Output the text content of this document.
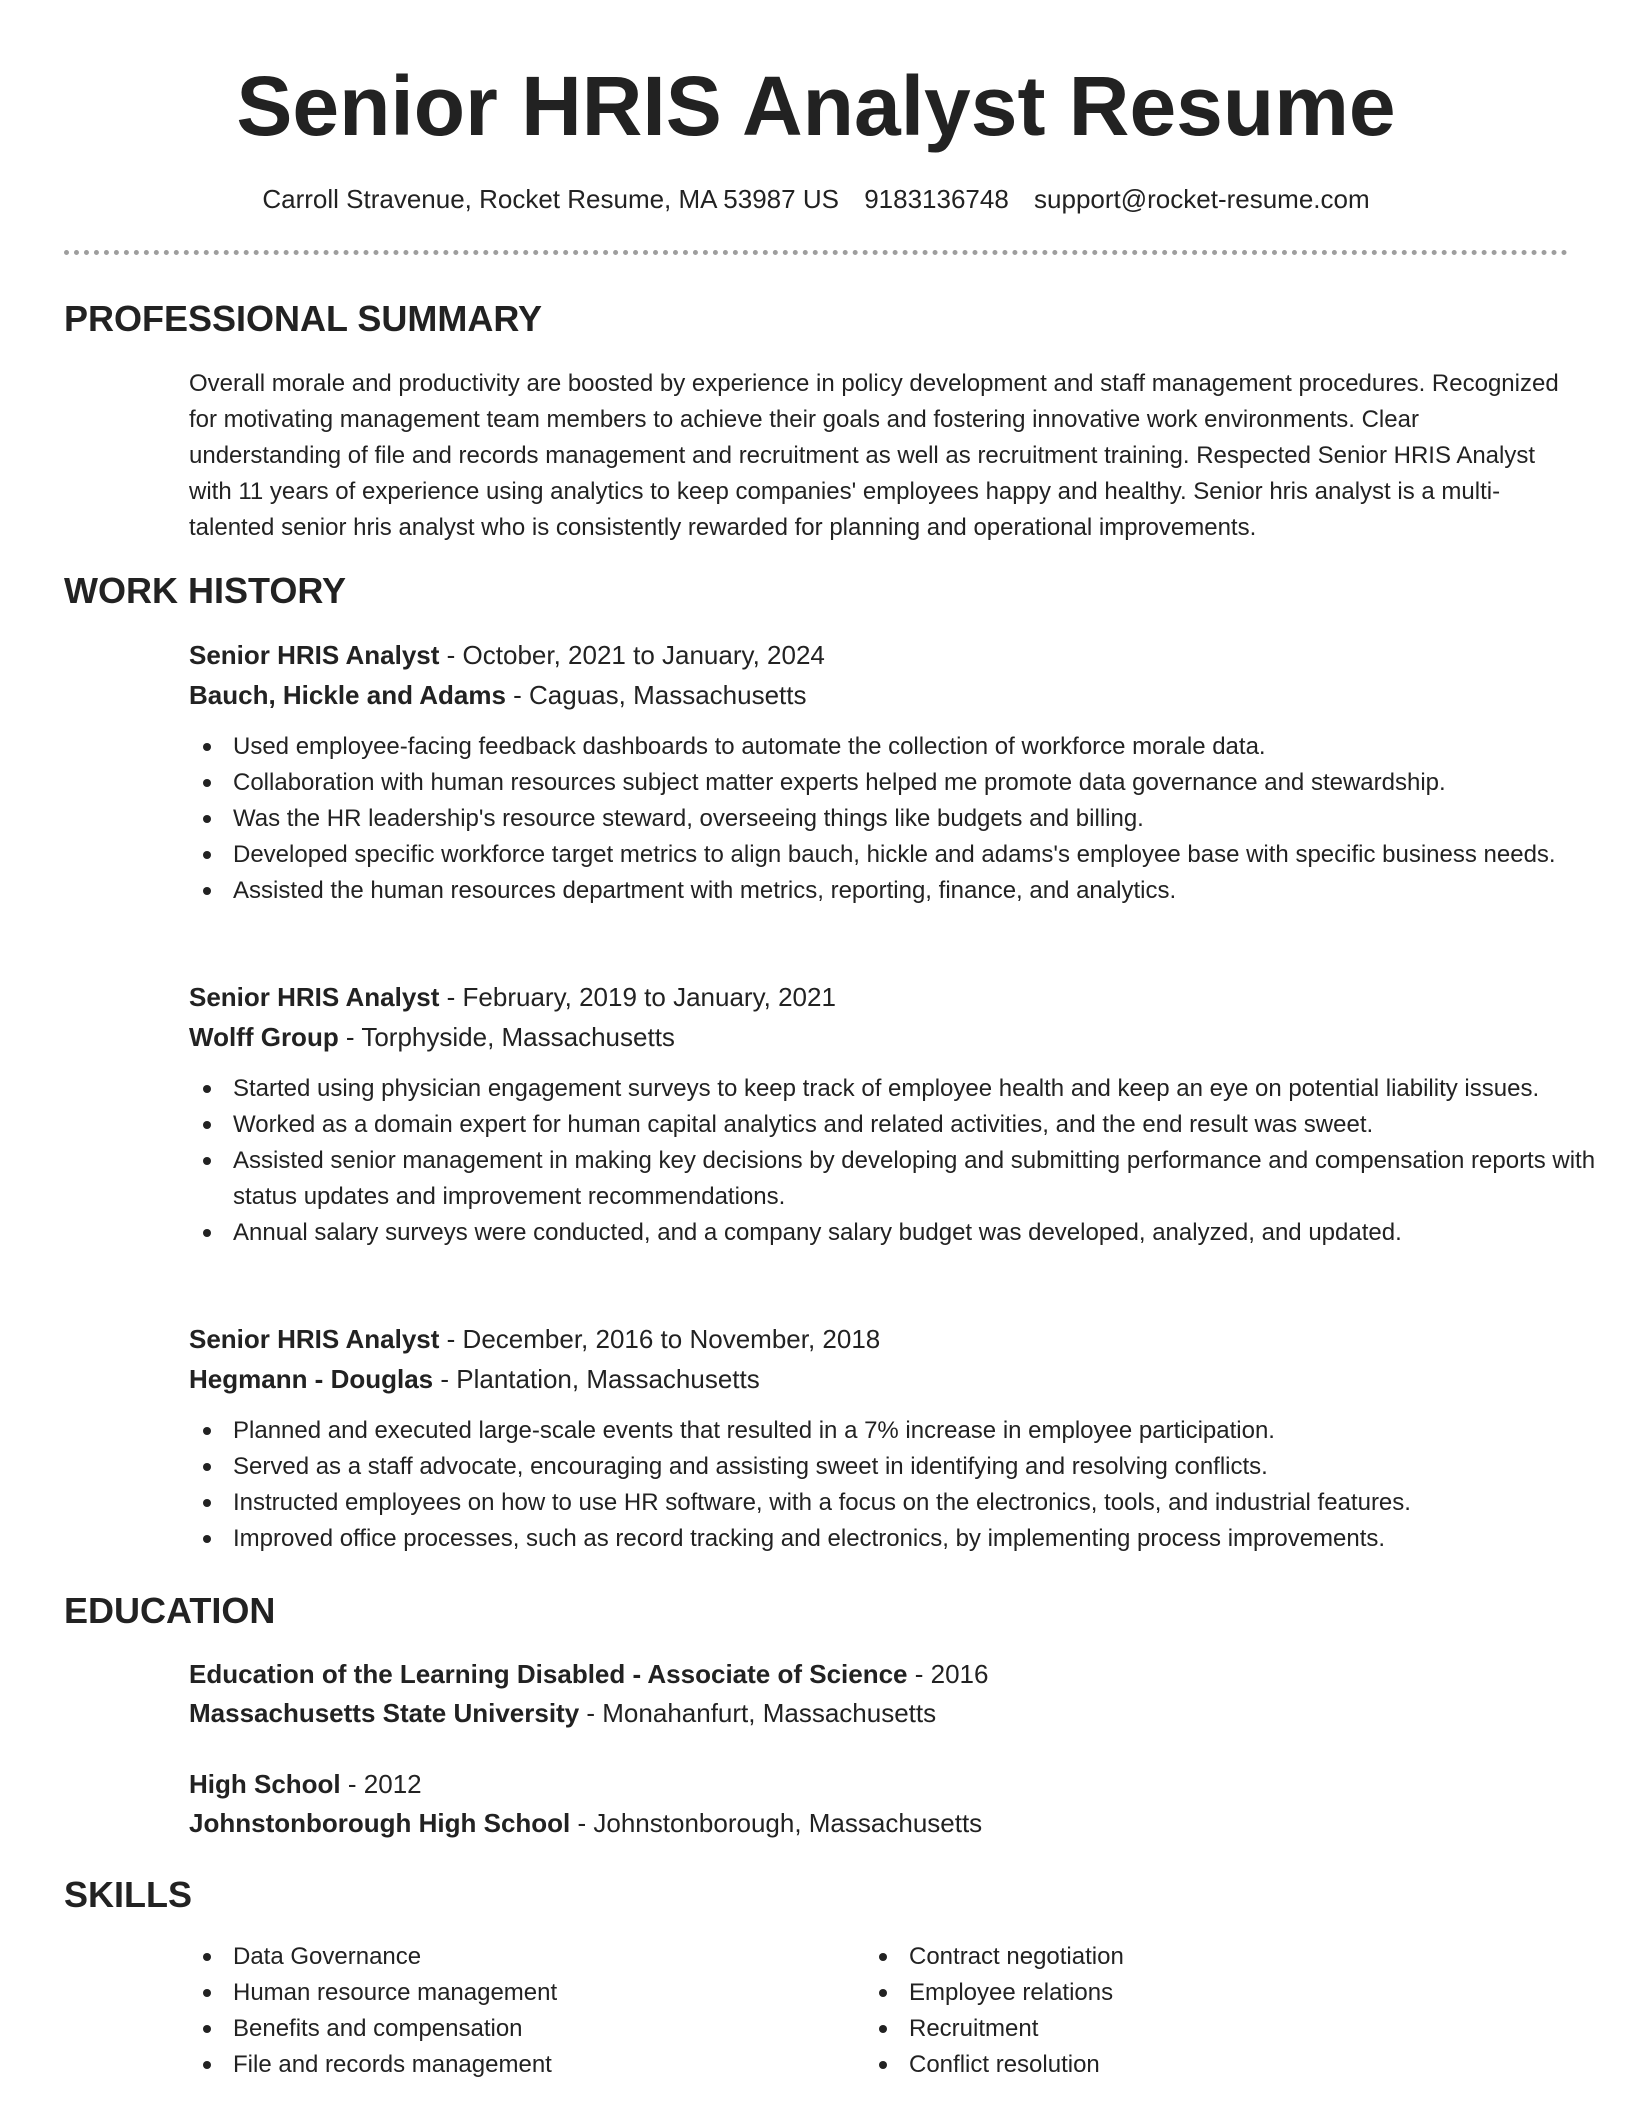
Senior HRIS Analyst Resume
Carroll Stravenue, Rocket Resume, MA 53987 US 9183136748 support@rocket-resume.com
PROFESSIONAL SUMMARY

Overall morale and productivity are boosted by experience in policy development and staff management procedures. Recognized for motivating management team members to achieve their goals and fostering innovative work environments. Clear understanding of file and records management and recruitment as well as recruitment training. Respected Senior HRIS Analyst with 11 years of experience using analytics to keep companies' employees happy and healthy. Senior hris analyst is a multi-talented senior hris analyst who is consistently rewarded for planning and operational improvements.

WORK HISTORY
Senior HRIS Analyst - October, 2021 to January, 2024
Bauch, Hickle and Adams - Caguas, Massachusetts
Used employee-facing feedback dashboards to automate the collection of workforce morale data.
Collaboration with human resources subject matter experts helped me promote data governance and stewardship.
Was the HR leadership's resource steward, overseeing things like budgets and billing.
Developed specific workforce target metrics to align bauch, hickle and adams's employee base with specific business needs.
Assisted the human resources department with metrics, reporting, finance, and analytics.
Senior HRIS Analyst - February, 2019 to January, 2021
Wolff Group - Torphyside, Massachusetts
Started using physician engagement surveys to keep track of employee health and keep an eye on potential liability issues.
Worked as a domain expert for human capital analytics and related activities, and the end result was sweet.
Assisted senior management in making key decisions by developing and submitting performance and compensation reports with status updates and improvement recommendations.
Annual salary surveys were conducted, and a company salary budget was developed, analyzed, and updated.
Senior HRIS Analyst - December, 2016 to November, 2018
Hegmann - Douglas - Plantation, Massachusetts
Planned and executed large-scale events that resulted in a 7% increase in employee participation.
Served as a staff advocate, encouraging and assisting sweet in identifying and resolving conflicts.
Instructed employees on how to use HR software, with a focus on the electronics, tools, and industrial features.
Improved office processes, such as record tracking and electronics, by implementing process improvements.
EDUCATION
Education of the Learning Disabled - Associate of Science - 2016
Massachusetts State University - Monahanfurt, Massachusetts
High School - 2012
Johnstonborough High School - Johnstonborough, Massachusetts
SKILLS
Data Governance
Human resource management
Benefits and compensation
File and records management
Contract negotiation
Employee relations
Recruitment
Conflict resolution
